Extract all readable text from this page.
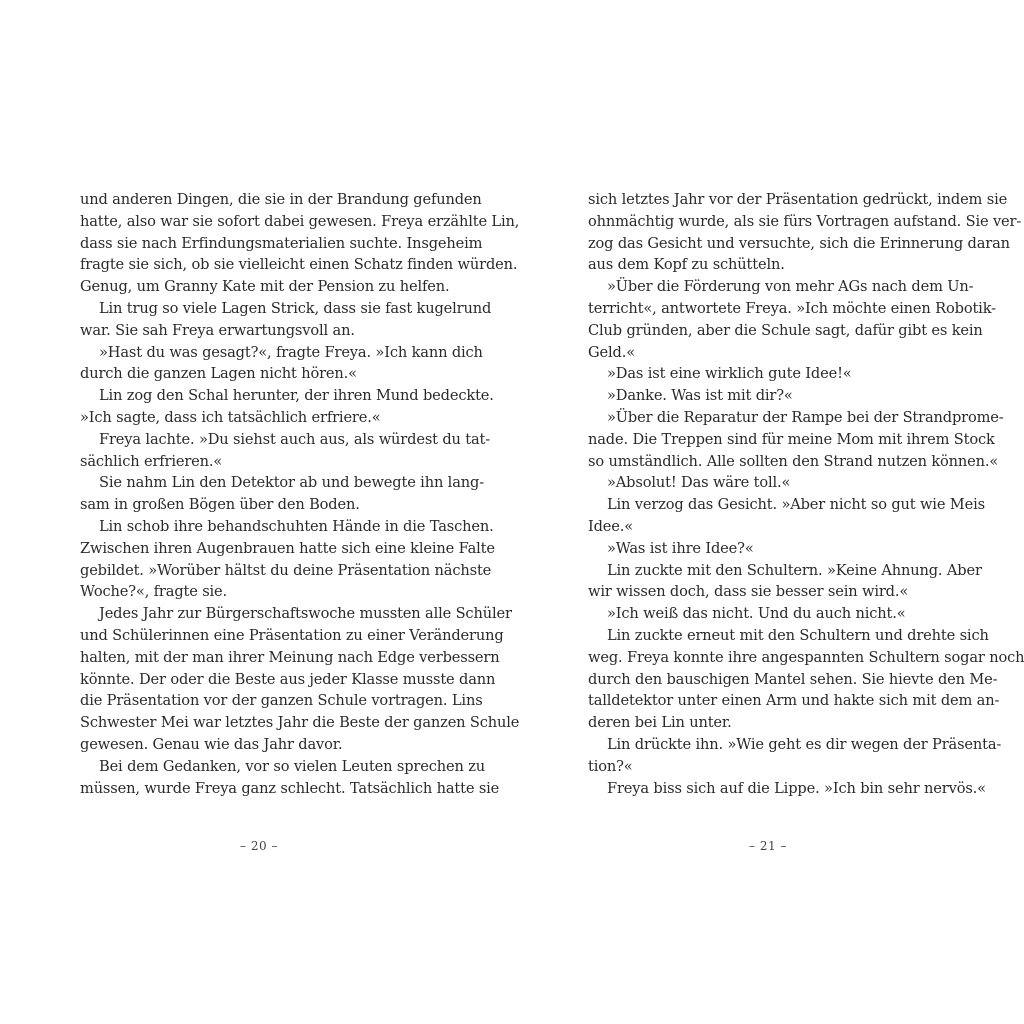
und anderen Dingen, die sie in der Brandung gefunden
hatte, also war sie sofort dabei gewesen. Freya erzählte Lin,
dass sie nach Erfindungsmaterialien suchte. Insgeheim
fragte sie sich, ob sie vielleicht einen Schatz finden würden.
Genug, um Granny Kate mit der Pension zu helfen.
Lin trug so viele Lagen Strick, dass sie fast kugelrund
war. Sie sah Freya erwartungsvoll an.
»Hast du was gesagt?«, fragte Freya. »Ich kann dich
durch die ganzen Lagen nicht hören.«
Lin zog den Schal herunter, der ihren Mund bedeckte.
»Ich sagte, dass ich tatsächlich erfriere.«
Freya lachte. »Du siehst auch aus, als würdest du tat-
sächlich erfrieren.«
Sie nahm Lin den Detektor ab und bewegte ihn lang-
sam in großen Bögen über den Boden.
Lin schob ihre behandschuhten Hände in die Taschen.
Zwischen ihren Augenbrauen hatte sich eine kleine Falte
gebildet. »Worüber hältst du deine Präsentation nächste
Woche?«, fragte sie.
Jedes Jahr zur Bürgerschaftswoche mussten alle Schüler
und Schülerinnen eine Präsentation zu einer Veränderung
halten, mit der man ihrer Meinung nach Edge verbessern
könnte. Der oder die Beste aus jeder Klasse musste dann
die Präsentation vor der ganzen Schule vortragen. Lins
Schwester Mei war letztes Jahr die Beste der ganzen Schule
gewesen. Genau wie das Jahr davor.
Bei dem Gedanken, vor so vielen Leuten sprechen zu
müssen, wurde Freya ganz schlecht. Tatsächlich hatte sie
– 20 –
sich letztes Jahr vor der Präsentation gedrückt, indem sie
ohnmächtig wurde, als sie fürs Vortragen aufstand. Sie ver-
zog das Gesicht und versuchte, sich die Erinnerung daran
aus dem Kopf zu schütteln.
»Über die Förderung von mehr AGs nach dem Un-
terricht«, antwortete Freya. »Ich möchte einen Robotik-
Club gründen, aber die Schule sagt, dafür gibt es kein
Geld.«
»Das ist eine wirklich gute Idee!«
»Danke. Was ist mit dir?«
»Über die Reparatur der Rampe bei der Strandprome-
nade. Die Treppen sind für meine Mom mit ihrem Stock
so umständlich. Alle sollten den Strand nutzen können.«
»Absolut! Das wäre toll.«
Lin verzog das Gesicht. »Aber nicht so gut wie Meis
Idee.«
»Was ist ihre Idee?«
Lin zuckte mit den Schultern. »Keine Ahnung. Aber
wir wissen doch, dass sie besser sein wird.«
»Ich weiß das nicht. Und du auch nicht.«
Lin zuckte erneut mit den Schultern und drehte sich
weg. Freya konnte ihre angespannten Schultern sogar noch
durch den bauschigen Mantel sehen. Sie hievte den Me-
talldetektor unter einen Arm und hakte sich mit dem an-
deren bei Lin unter.
Lin drückte ihn. »Wie geht es dir wegen der Präsenta-
tion?«
Freya biss sich auf die Lippe. »Ich bin sehr nervös.«
– 21 –
